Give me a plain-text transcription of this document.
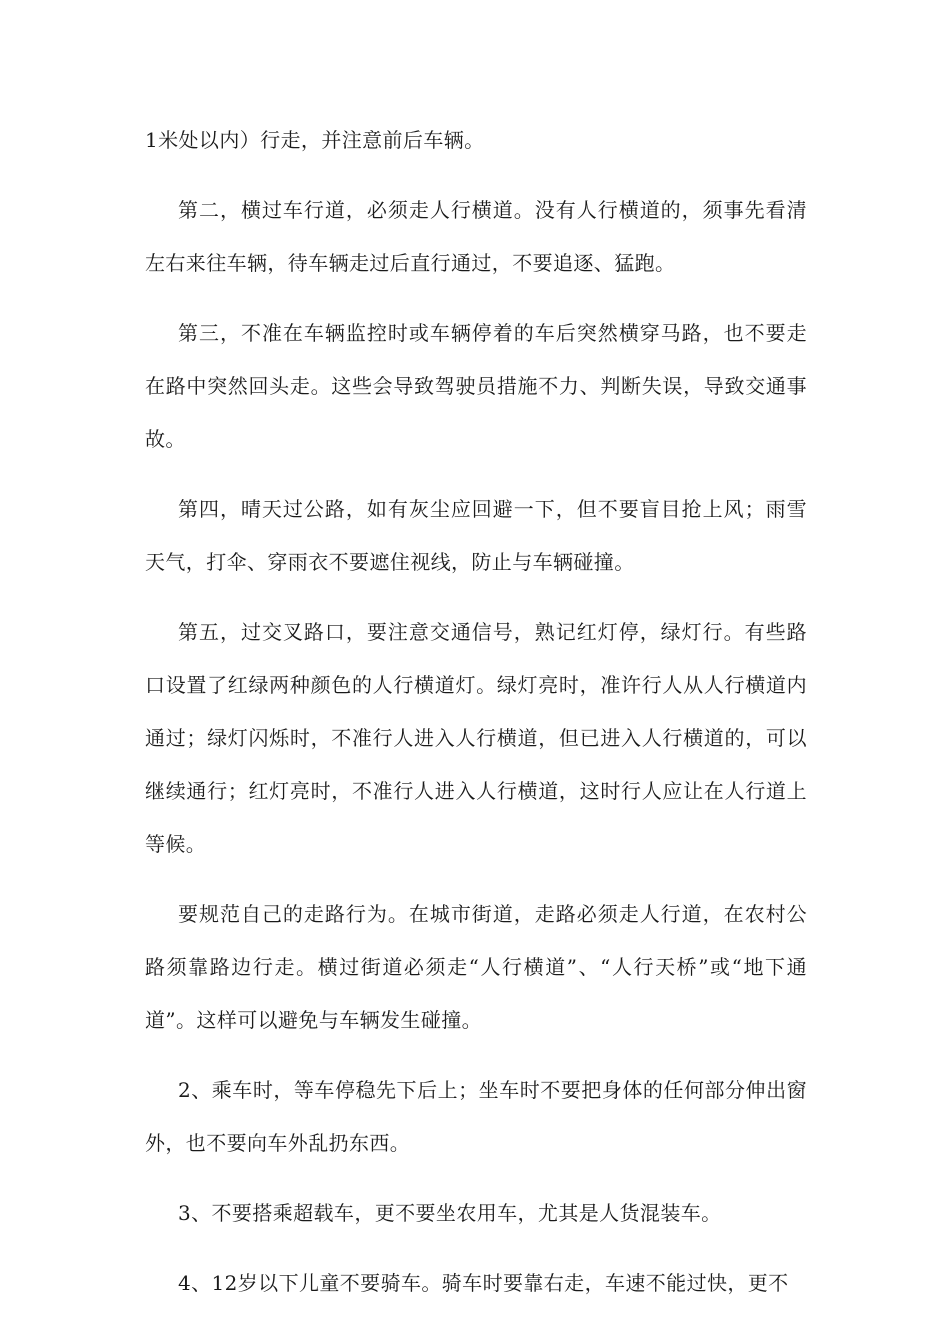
1米处以内）行走，并注意前后车辆。

第二，横过车行道，必须走人行横道。没有人行横道的，须事先看清左右来往车辆，待车辆走过后直行通过，不要追逐、猛跑。

第三，不准在车辆监控时或车辆停着的车后突然横穿马路，也不要走在路中突然回头走。这些会导致驾驶员措施不力、判断失误，导致交通事故。

第四，晴天过公路，如有灰尘应回避一下，但不要盲目抢上风；雨雪天气，打伞、穿雨衣不要遮住视线，防止与车辆碰撞。

第五，过交叉路口，要注意交通信号，熟记红灯停，绿灯行。有些路口设置了红绿两种颜色的人行横道灯。绿灯亮时，准许行人从人行横道内通过；绿灯闪烁时，不准行人进入人行横道，但已进入人行横道的，可以继续通行；红灯亮时，不准行人进入人行横道，这时行人应让在人行道上等候。

要规范自己的走路行为。在城市街道，走路必须走人行道，在农村公路须靠路边行走。横过街道必须走“人行横道”、“人行天桥”或“地下通道”。这样可以避免与车辆发生碰撞。

2、乘车时，等车停稳先下后上；坐车时不要把身体的任何部分伸出窗外，也不要向车外乱扔东西。

3、不要搭乘超载车，更不要坐农用车，尤其是人货混装车。

4、12岁以下儿童不要骑车。骑车时要靠右走，车速不能过快，更不
